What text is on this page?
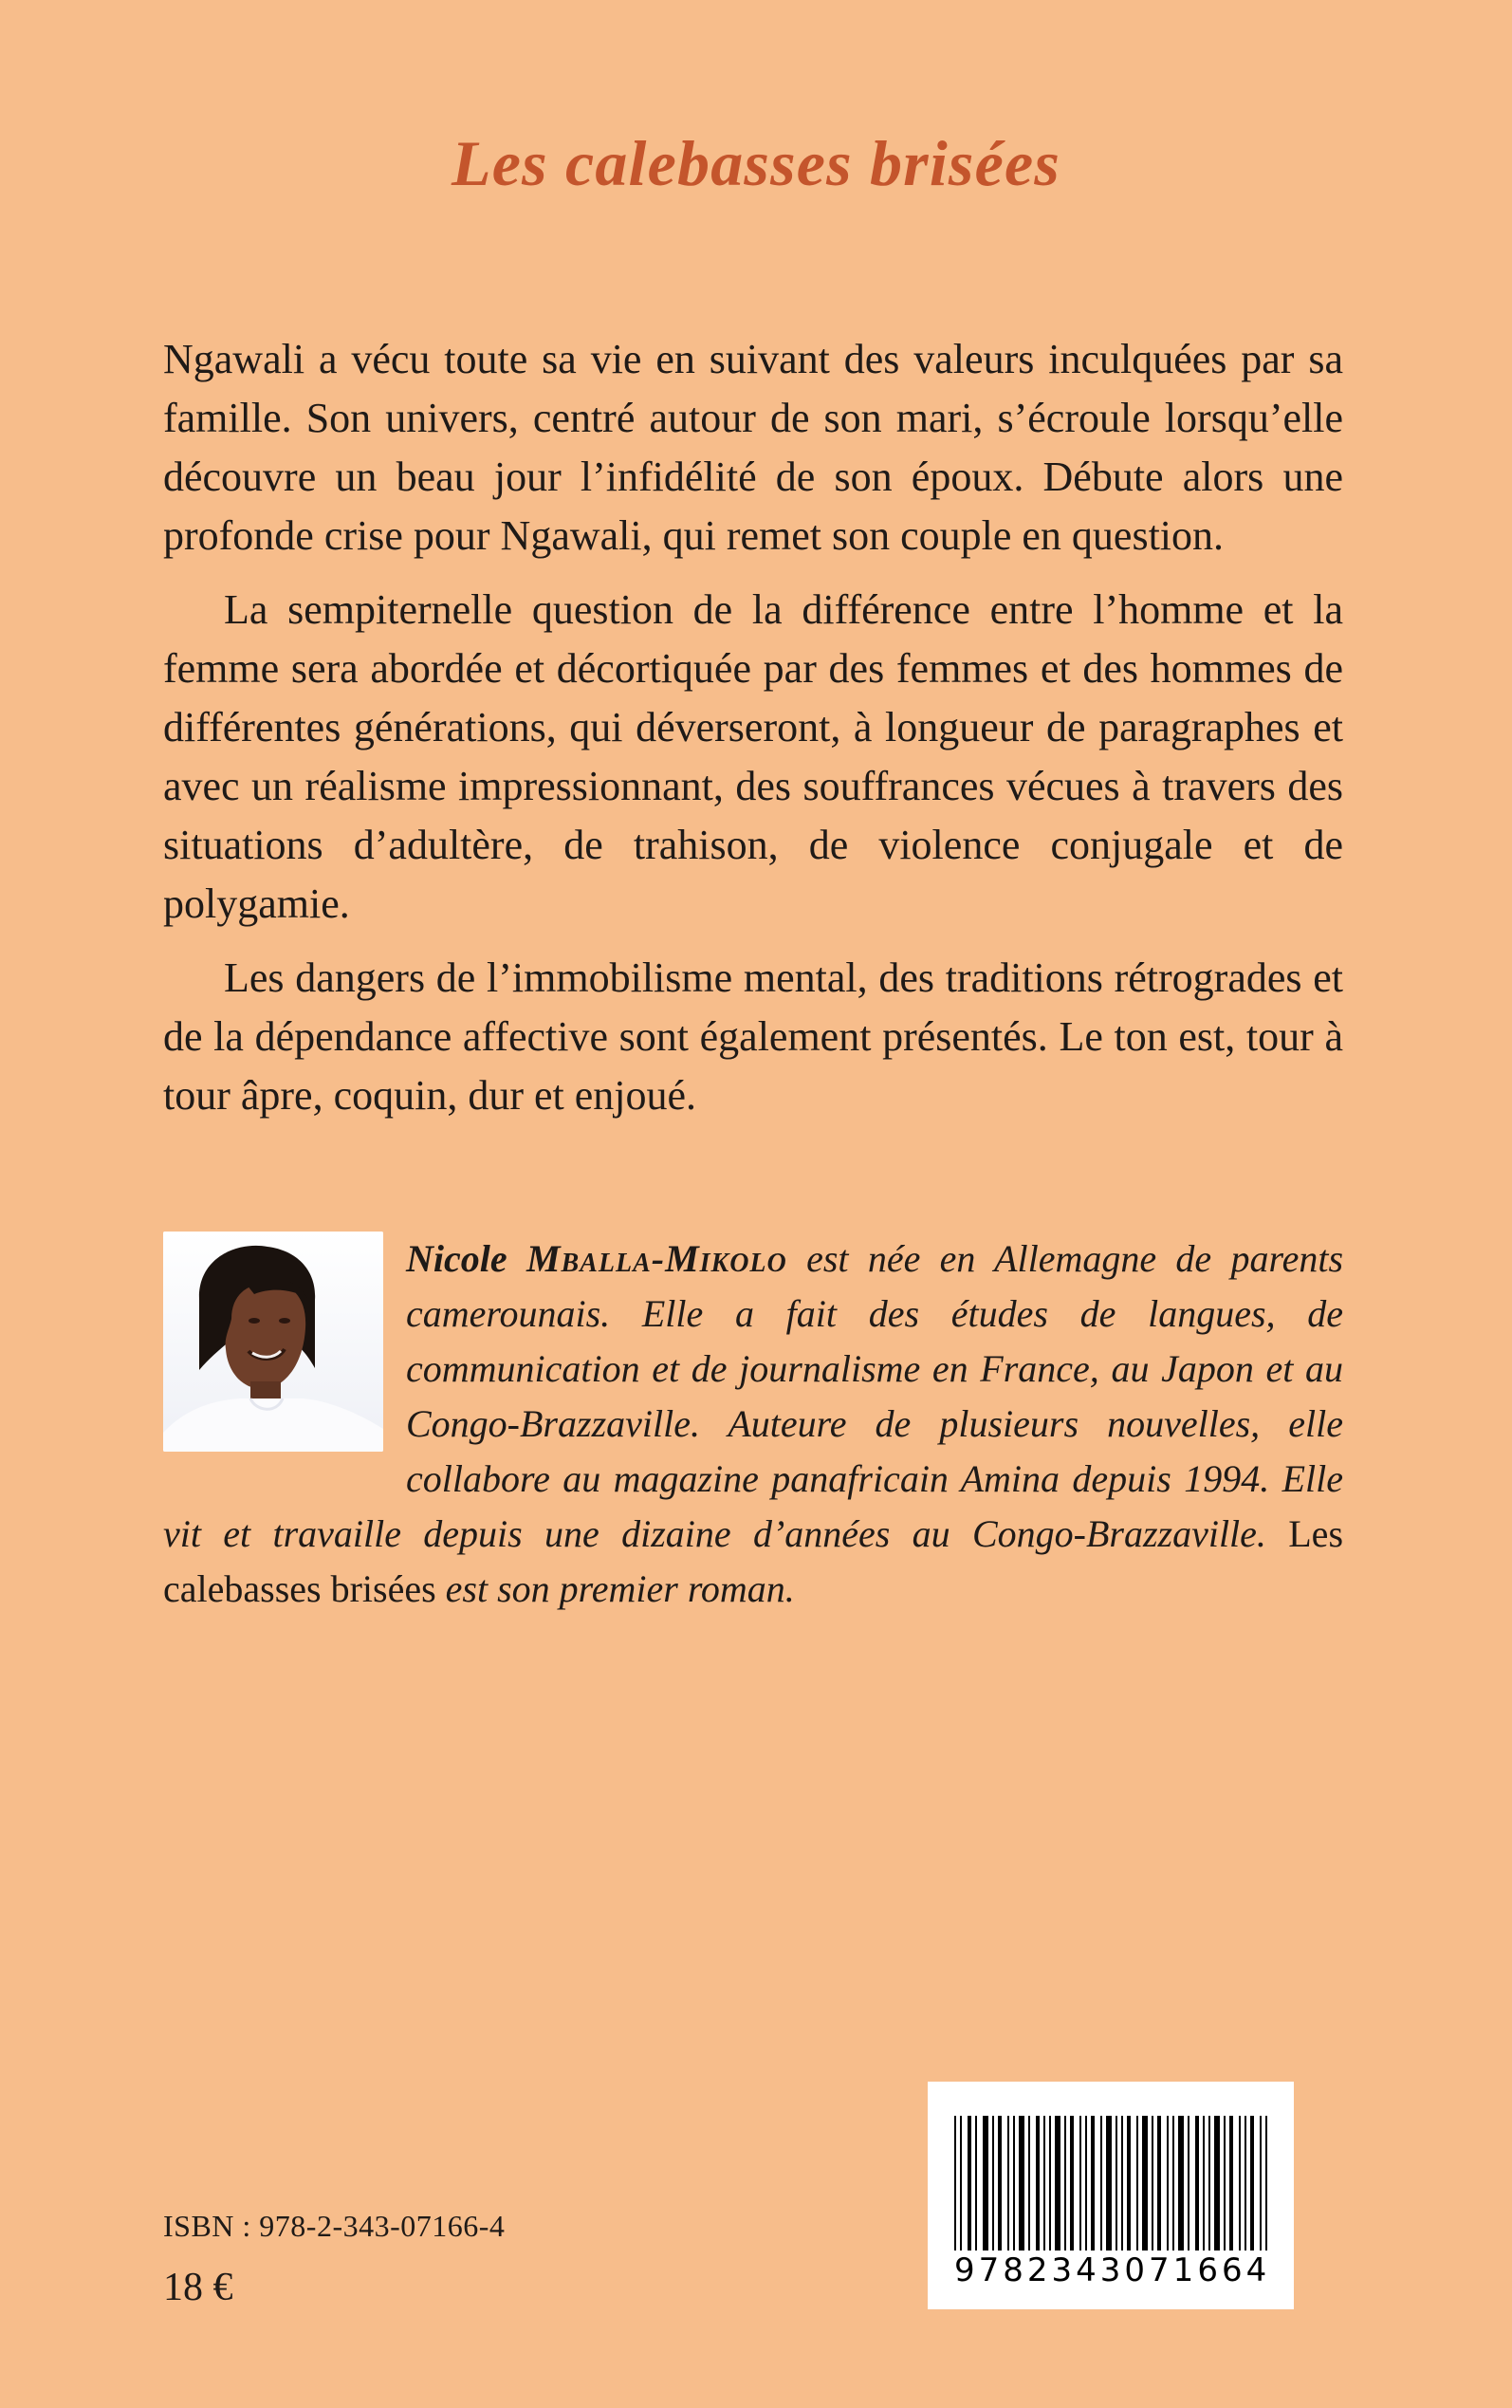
Les calebasses brisées

Ngawali a vécu toute sa vie en suivant des valeurs inculquées par sa famille. Son univers, centré autour de son mari, s’écroule lorsqu’elle découvre un beau jour l’infidélité de son époux. Débute alors une profonde crise pour Ngawali, qui remet son couple en question.

La sempiternelle question de la différence entre l’homme et la femme sera abordée et décortiquée par des femmes et des hommes de différentes générations, qui déverseront, à longueur de paragraphes et avec un réalisme impressionnant, des souffrances vécues à travers des situations d’adultère, de trahison, de violence conjugale et de polygamie.

Les dangers de l’immobilisme mental, des traditions rétrogrades et de la dépendance affective sont également présentés. Le ton est, tour à tour âpre, coquin, dur et enjoué.

Nicole Mballa-Mikolo est née en Allemagne de parents camerounais. Elle a fait des études de langues, de communication et de journalisme en France, au Japon et au Congo-Brazzaville. Auteure de plusieurs nouvelles, elle collabore au magazine panafricain Amina depuis 1994. Elle vit et travaille depuis une dizaine d’années au Congo-Brazzaville. Les calebasses brisées est son premier roman.
ISBN : 978-2-343-07166-4
18 €	9782343071664
